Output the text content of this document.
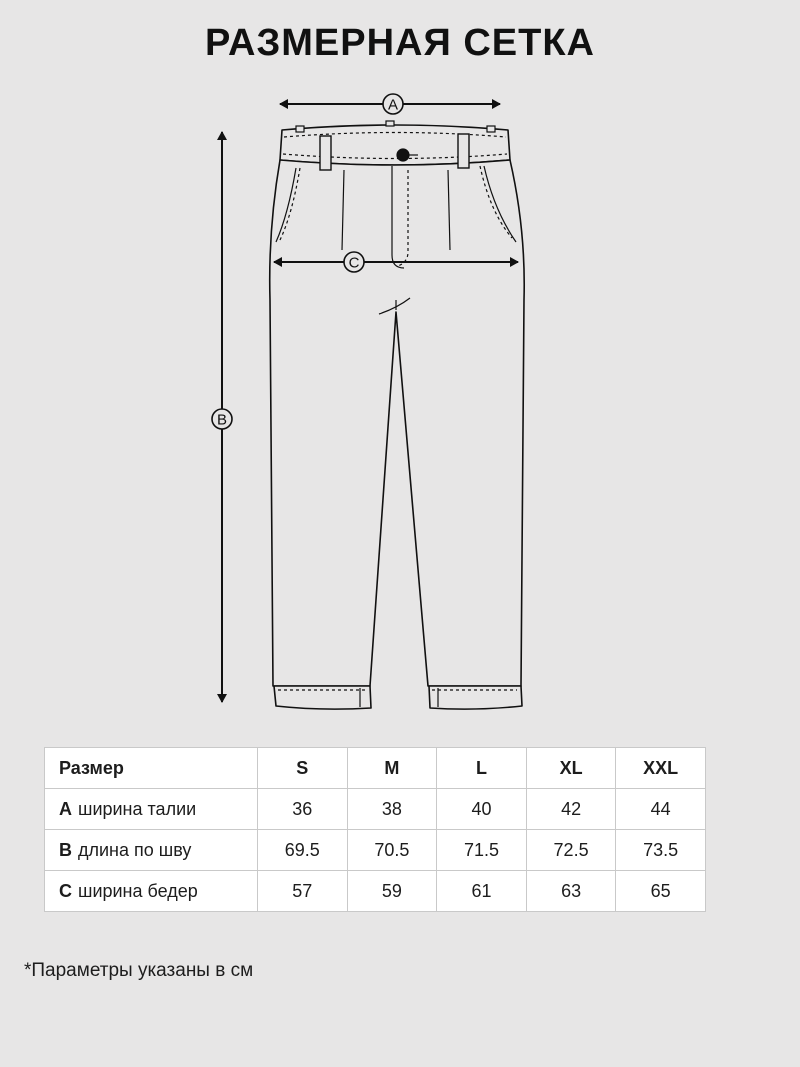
РАЗМЕРНАЯ СЕТКА
A
B
C
Размер	S	M	L	XL	XXL
A ширина талии	36	38	40	42	44
B длина по шву	69.5	70.5	71.5	72.5	73.5
C ширина бедер	57	59	61	63	65
*Параметры указаны в см
